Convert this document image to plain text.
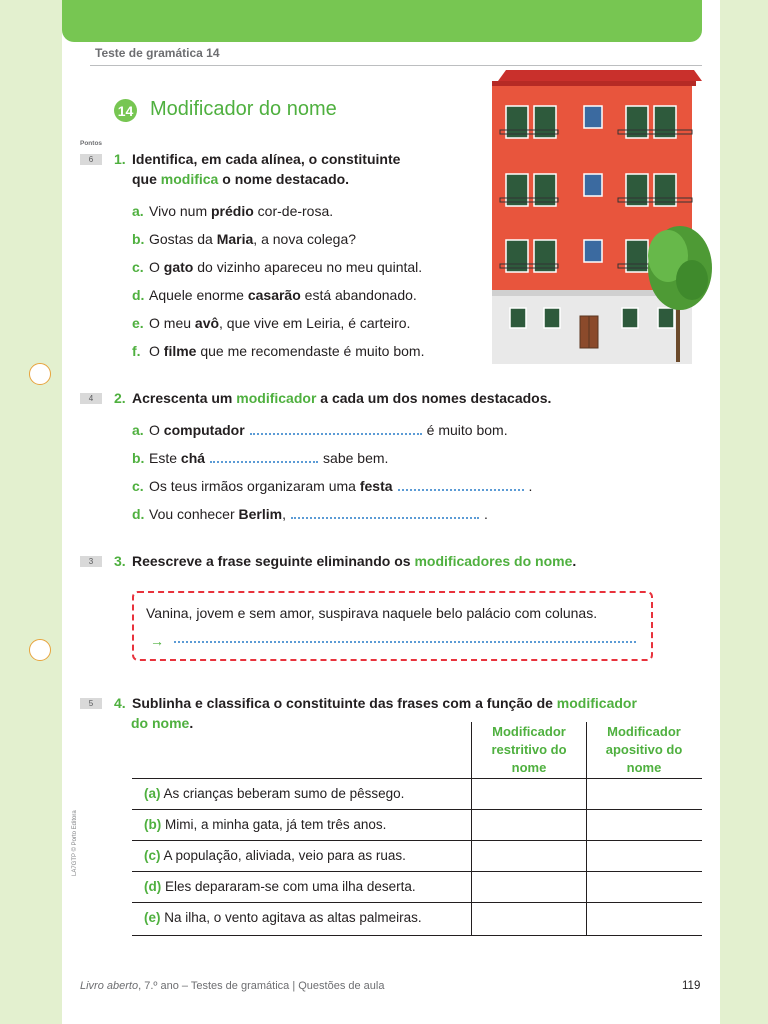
Teste de gramática 14
14 Modificador do nome
Pontos
6	1. Identifica, em cada alínea, o constituinte
que modifica o nome destacado.
a. Vivo num prédio cor-de-rosa.
b. Gostas da Maria, a nova colega?
c. O gato do vizinho apareceu no meu quintal.
d. Aquele enorme casarão está abandonado.
e. O meu avô, que vive em Leiria, é carteiro.
f. O filme que me recomendaste é muito bom.
4	2. Acrescenta um modificador a cada um dos nomes destacados.
a. O computador	é muito bom.
b. Este chá	sabe bem.
c. Os teus irmãos organizaram uma festa	.
d. Vou conhecer Berlim,	.
3	3. Reescreve a frase seguinte eliminando os modificadores do nome.
Vanina, jovem e sem amor, suspirava naquele belo palácio com colunas.
→
5	4. Sublinha e classifica o constituinte das frases com a função de modificador
do nome.
Modificador
restritivo do
nome
Modificador
apositivo do
nome
(a) As crianças beberam sumo de pêssego.
(b) Mimi, a minha gata, já tem três anos.
(c) A população, aliviada, veio para as ruas.
(d) Eles depararam-se com uma ilha deserta.
(e) Na ilha, o vento agitava as altas palmeiras.
LA7GTP © Porto Editora
Livro aberto, 7.º ano – Testes de gramática | Questões de aula	119
